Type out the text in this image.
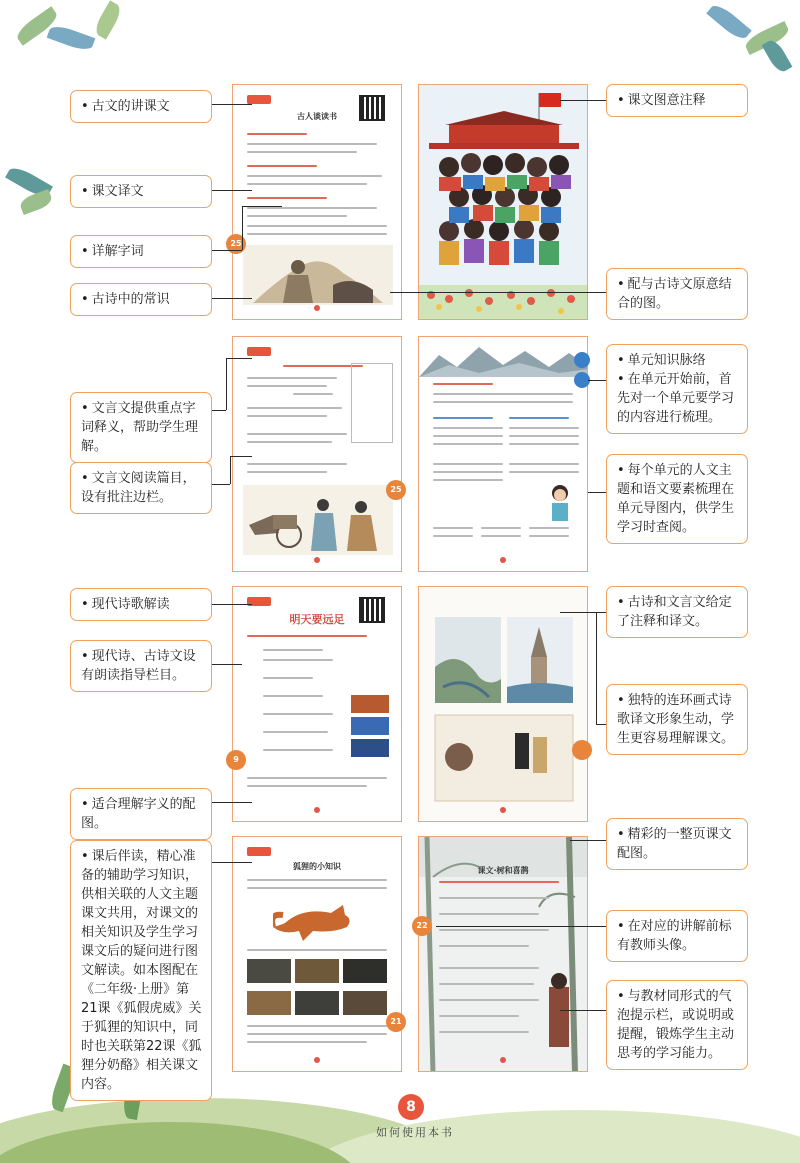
• 古文的讲课文
• 课文译文
• 详解字词
• 古诗中的常识
• 文言文提供重点字词释义，帮助学生理解。
• 文言文阅读篇目，设有批注边栏。
• 现代诗歌解读
• 现代诗、古诗文设有朗读指导栏目。
• 适合理解字义的配图。
• 课后伴读，精心准备的辅助学习知识，供相关联的人文主题课文共用，对课文的相关知识及学生学习课文后的疑问进行图文解读。如本图配在《二年级·上册》第21课《狐假虎威》关于狐狸的知识中，同时也关联第22课《狐狸分奶酪》相关课文内容。
• 课文图意注释
• 配与古诗文原意结合的图。
• 单元知识脉络
• 在单元开始前，首先对一个单元要学习的内容进行梳理。
• 每个单元的人文主题和语文要素梳理在单元导图内，供学生学习时查阅。
• 古诗和文言文给定了注释和译文。
• 独特的连环画式诗歌译文形象生动，学生更容易理解课文。
• 精彩的一整页课文配图。
• 在对应的讲解前标有教师头像。
• 与教材同形式的气泡提示栏，或说明或提醒，锻炼学生主动思考的学习能力。
古人谈读书
25
25
明天要远足
9
狐狸的小知识
21
课文·树和喜鹊
22
8
如何使用本书
